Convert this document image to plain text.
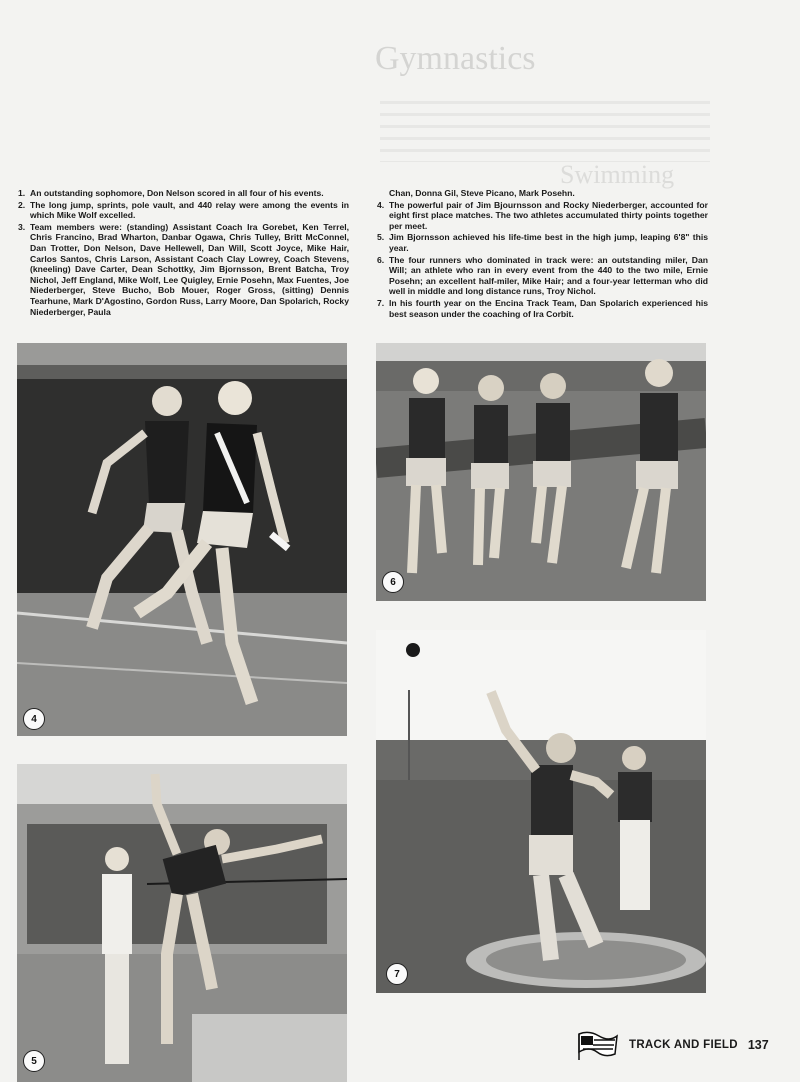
Gymnastics
Swimming
1. An outstanding sophomore, Don Nelson scored in all four of his events.
2. The long jump, sprints, pole vault, and 440 relay were among the events in which Mike Wolf excelled.
3. Team members were: (standing) Assistant Coach Ira Gorebet, Ken Terrel, Chris Francino, Brad Wharton, Danbar Ogawa, Chris Tulley, Britt McConnel, Dan Trotter, Don Nelson, Dave Hellewell, Dan Will, Scott Joyce, Mike Hair, Carlos Santos, Chris Larson, Assistant Coach Clay Lowrey, Coach Stevens, (kneeling) Dave Carter, Dean Schottky, Jim Bjornsson, Brent Batcha, Troy Nichol, Jeff England, Mike Wolf, Lee Quigley, Ernie Posehn, Max Fuentes, Joe Niederberger, Steve Bucho, Bob Mouer, Roger Gross, (sitting) Dennis Tearhune, Mark D'Agostino, Gordon Russ, Larry Moore, Dan Spolarich, Rocky Niederberger, Paula
Chan, Donna Gil, Steve Picano, Mark Posehn.
4. The powerful pair of Jim Bjournsson and Rocky Niederberger, accounted for eight first place matches. The two athletes accumulated thirty points together per meet.
5. Jim Bjornsson achieved his life-time best in the high jump, leaping 6'8" this year.
6. The four runners who dominated in track were: an outstanding miler, Dan Will; an athlete who ran in every event from the 440 to the two mile, Ernie Posehn; an excellent half-miler, Mike Hair; and a four-year letterman who did well in middle and long distance runs, Troy Nichol.
7. In his fourth year on the Encina Track Team, Dan Spolarich experienced his best season under the coaching of Ira Corbit.
4
6
5
7
TRACK AND FIELD 137
